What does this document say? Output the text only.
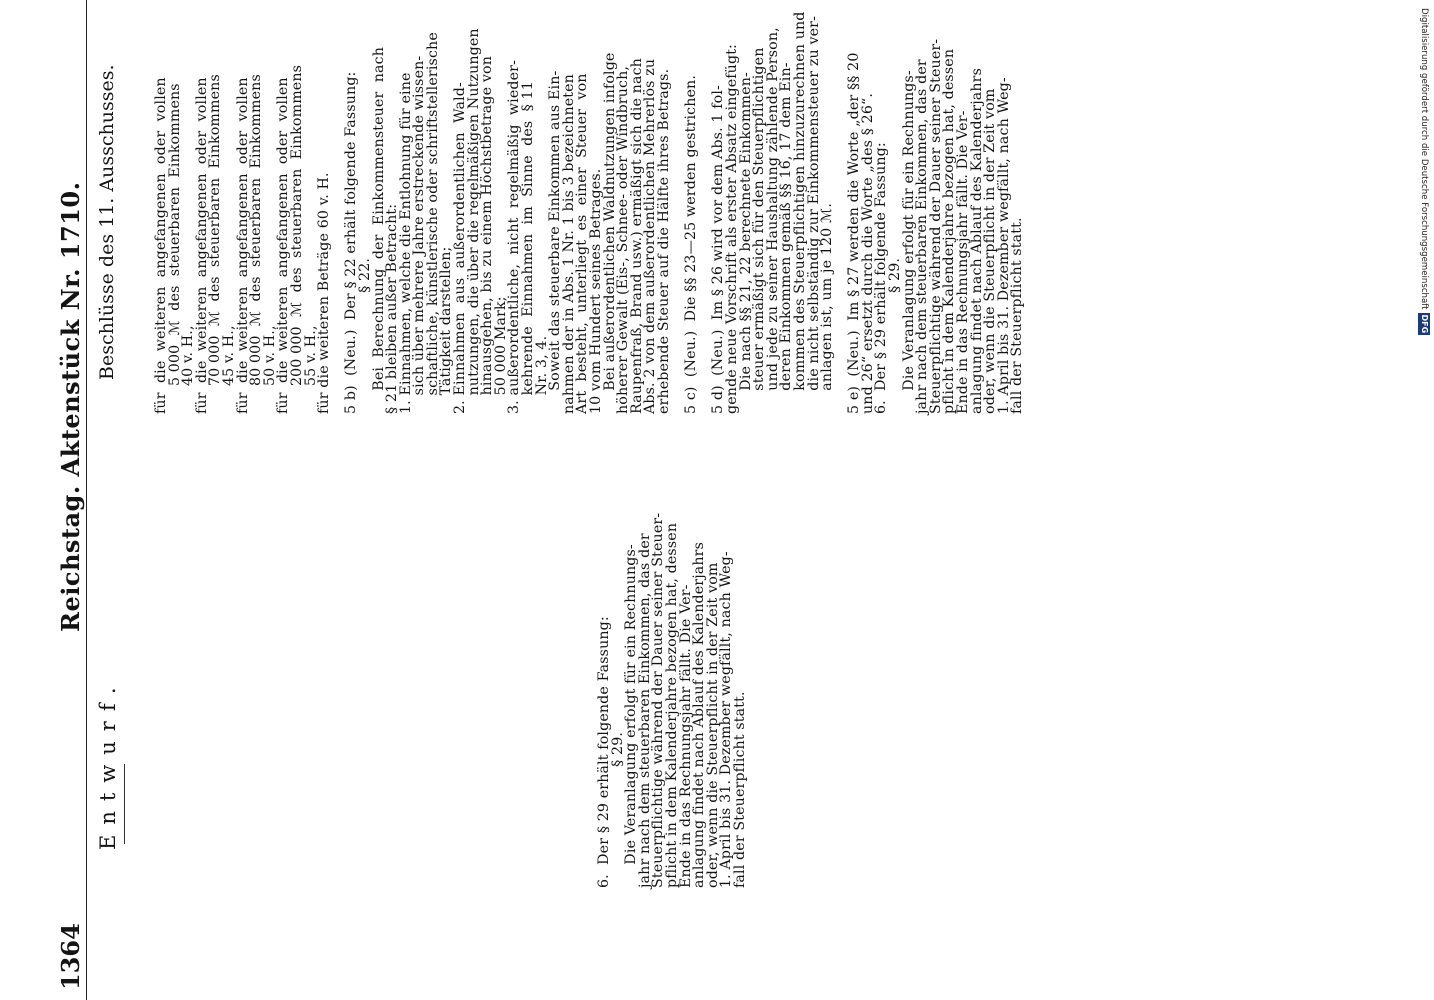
1364
Reichstag. Aktenstück Nr. 1710.
Entwurf.
Beschlüsse des 11. Ausschusses.
6.  Der § 29 erhält folgende Fassung:
§ 29.
Die Veranlagung erfolgt für ein Rechnungs-
jahr nach dem steuerbaren Einkommen, das der
Steuerpflichtige während der Dauer seiner Steuer-
pflicht in dem Kalenderjahre bezogen hat, dessen
Ende in das Rechnungsjahr fällt. Die Ver-
anlagung findet nach Ablauf des Kalenderjahrs
oder, wenn die Steuerpflicht in der Zeit vom
1. April bis 31. Dezember wegfällt, nach Weg-
fall der Steuerpflicht statt.
für  die  weiteren  angefangenen  oder  vollen
5 000  ℳ  des  steuerbaren  Einkommens
40 v. H.,
für  die  weiteren  angefangenen  oder  vollen
70 000  ℳ  des  steuerbaren  Einkommens
45 v. H.,
für  die  weiteren  angefangenen  oder  vollen
80 000  ℳ  des  steuerbaren  Einkommens
50 v. H.,
für  die  weiteren  angefangenen  oder  vollen
200 000  ℳ  des  steuerbaren  Einkommens
55 v. H.,
für die weiteren Beträge 60 v. H. 5 b)  (Neu.)  Der § 22 erhält folgende Fassung:
§ 22.
Bei  Berechnung  der  Einkommensteuer  nach
§ 21 bleiben außer Betracht:
1. Einnahmen, welche die Entlohnung für eine
sich über mehrere Jahre erstreckende wissen-
schaftliche, künstlerische oder schriftstellerische
Tätigkeit darstellen;
2. Einnahmen  aus  außerordentlichen  Wald-
nutzungen, die über die regelmäßigen Nutzungen
hinausgehen, bis zu einem Höchstbetrage von
50 000 Mark;
3. außerordentliche,  nicht  regelmäßig  wieder-
kehrende  Einnahmen  im  Sinne  des  § 11
Nr. 3, 4.
Soweit das steuerbare Einkommen aus Ein-
nahmen der in Abs. 1 Nr. 1 bis 3 bezeichneten
Art  besteht,  unterliegt  es  einer  Steuer  von
10 vom Hundert seines Betrages.
Bei außerordentlichen Waldnutzungen infolge
höherer Gewalt (Eis-, Schnee- oder Windbruch,
Raupenfraß, Brand usw.) ermäßigt sich die nach
Abs. 2 von dem außerordentlichen Mehrerlös zu
erhebende Steuer auf die Hälfte ihres Betrags. 5 c)  (Neu.)  Die §§ 23—25 werden gestrichen. 5 d)  (Neu.)  Im § 26 wird vor dem Abs. 1 fol-
gende neue Vorschrift als erster Absatz eingefügt:
Die nach §§ 21, 22 berechnete Einkommen-
steuer ermäßigt sich für den Steuerpflichtigen
und jede zu seiner Haushaltung zählende Person,
deren Einkommen gemäß §§ 16, 17 dem Ein-
kommen des Steuerpflichtigen hinzuzurechnen und
die nicht selbständig zur Einkommensteuer zu ver-
anlagen ist, um je 120 ℳ. 5 e)  (Neu.)  Im § 27 werden die Worte „der §§ 20
und 26“ ersetzt durch die Worte „des § 26“.
6.  Der § 29 erhält folgende Fassung:
§ 29.
Die Veranlagung erfolgt für ein Rechnungs-
jahr nach dem steuerbaren Einkommen, das der
Steuerpflichtige während der Dauer seiner Steuer-
pflicht in dem Kalenderjahre bezogen hat, dessen
Ende in das Rechnungsjahr fällt. Die Ver-
anlagung findet nach Ablauf des Kalenderjahrs
oder, wenn die Steuerpflicht in der Zeit vom
1. April bis 31. Dezember wegfällt, nach Weg-
fall der Steuerpflicht statt.
Digitalisierung gefördert durch die Deutsche ForschungsgemeinschaftDFG
